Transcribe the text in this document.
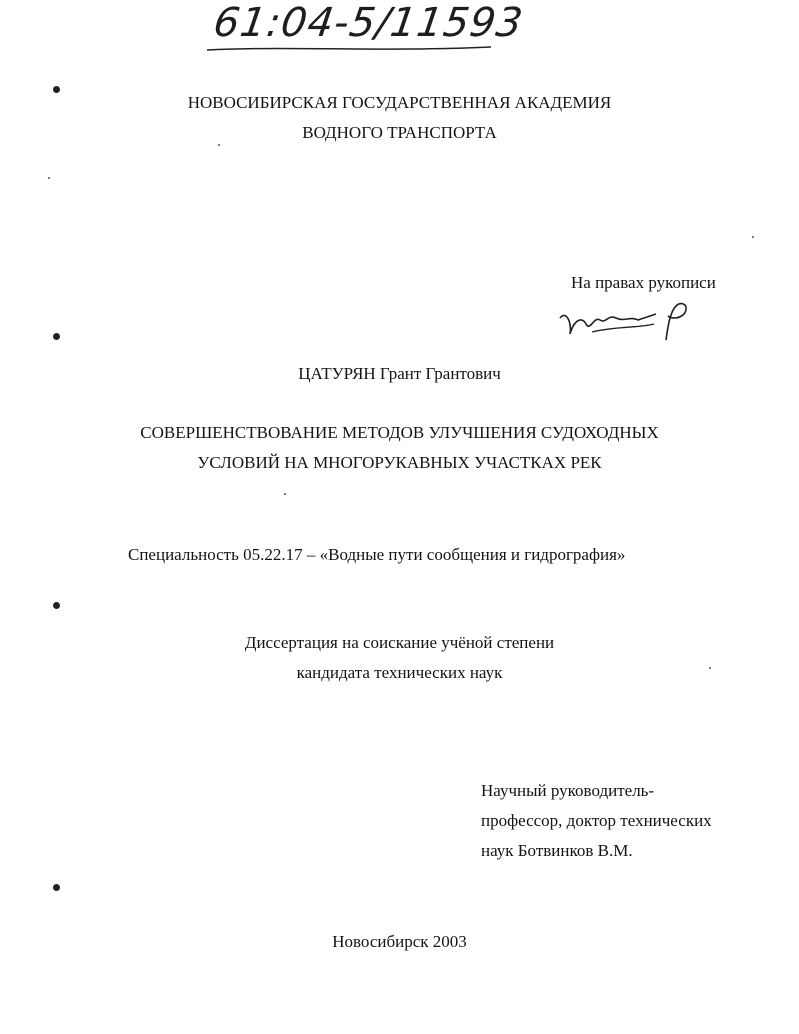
61:04-5/11593
НОВОСИБИРСКАЯ ГОСУДАРСТВЕННАЯ АКАДЕМИЯ
ВОДНОГО ТРАНСПОРТА
На правах рукописи
ЦАТУРЯН Грант Грантович
СОВЕРШЕНСТВОВАНИЕ МЕТОДОВ УЛУЧШЕНИЯ СУДОХОДНЫХ
УСЛОВИЙ НА МНОГОРУКАВНЫХ УЧАСТКАХ РЕК
Специальность 05.22.17 – «Водные пути сообщения и гидрография»
Диссертация на соискание учёной степени
кандидата технических наук
Научный руководитель-
профессор, доктор технических
наук Ботвинков В.М.
Новосибирск 2003
